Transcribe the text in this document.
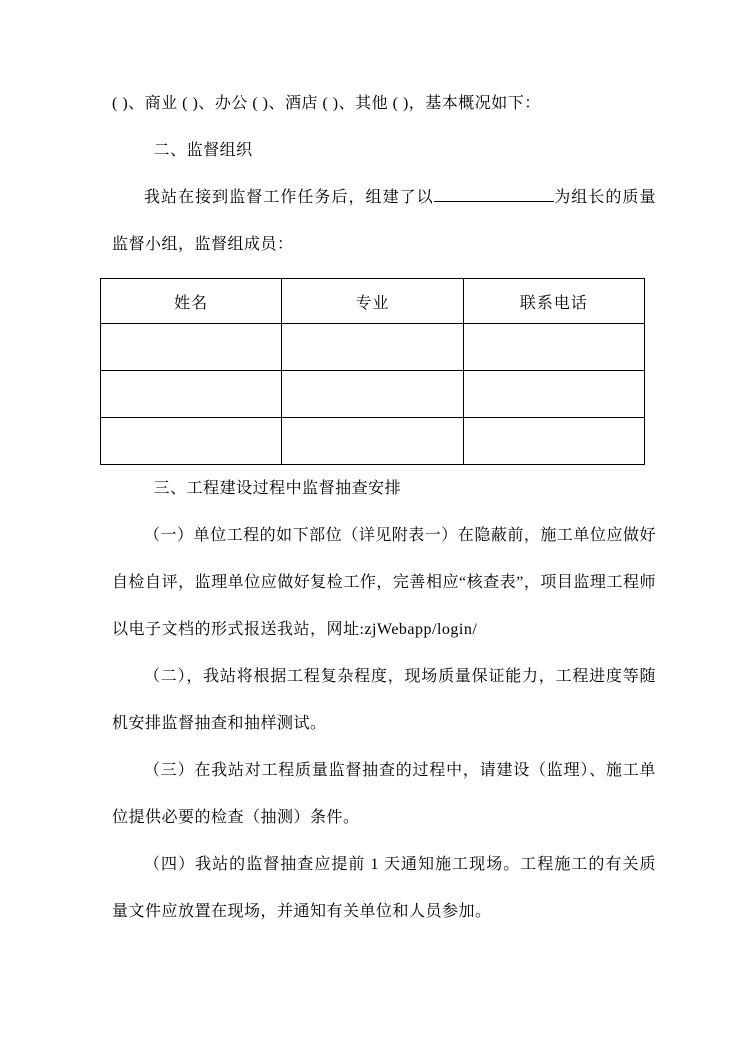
( )、商业 ( )、办公 ( )、酒店 ( )、其他 ( )，基本概况如下：

二、监督组织

我站在接到监督工作任务后，组建了以	为组长的质量监督小组，监督组成员：

姓名	专业	联系电话

三、工程建设过程中监督抽查安排

（一）单位工程的如下部位（详见附表一）在隐蔽前，施工单位应做好自检自评，监理单位应做好复检工作，完善相应“核查表”，项目监理工程师以电子文档的形式报送我站，网址:zjWebapp/login/

（二），我站将根据工程复杂程度，现场质量保证能力，工程进度等随机安排监督抽查和抽样测试。

（三）在我站对工程质量监督抽查的过程中，请建设（监理）、施工单位提供必要的检查（抽测）条件。

（四）我站的监督抽查应提前 1 天通知施工现场。工程施工的有关质量文件应放置在现场，并通知有关单位和人员参加。
